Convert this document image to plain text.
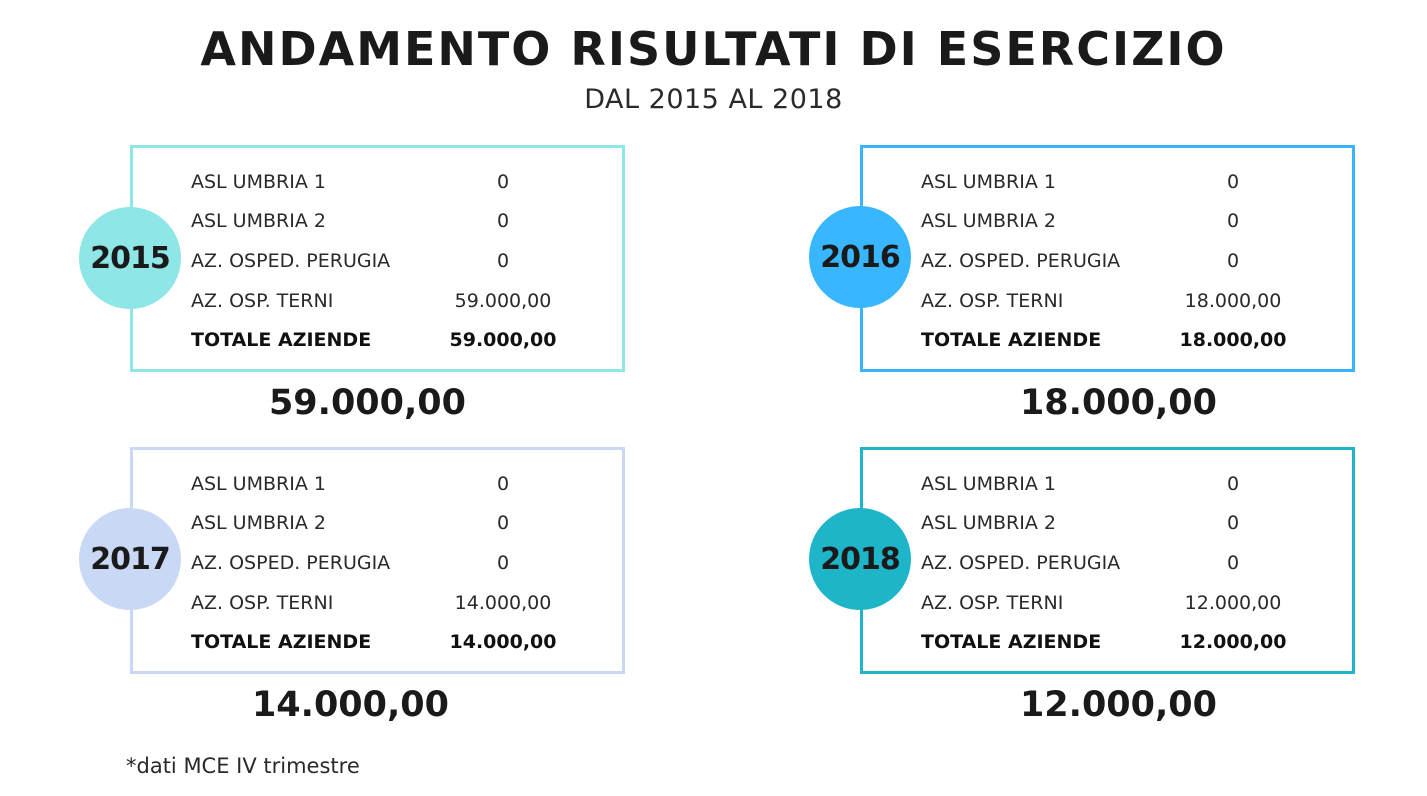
ANDAMENTO RISULTATI DI ESERCIZIO
DAL 2015 AL 2018
ASL UMBRIA 1	0
ASL UMBRIA 2	0
AZ. OSPED. PERUGIA	0
AZ. OSP. TERNI	59.000,00
TOTALE AZIENDE	59.000,00
2015
59.000,00
ASL UMBRIA 1	0
ASL UMBRIA 2	0
AZ. OSPED. PERUGIA	0
AZ. OSP. TERNI	18.000,00
TOTALE AZIENDE	18.000,00
2016
18.000,00
ASL UMBRIA 1	0
ASL UMBRIA 2	0
AZ. OSPED. PERUGIA	0
AZ. OSP. TERNI	14.000,00
TOTALE AZIENDE	14.000,00
2017
14.000,00
ASL UMBRIA 1	0
ASL UMBRIA 2	0
AZ. OSPED. PERUGIA	0
AZ. OSP. TERNI	12.000,00
TOTALE AZIENDE	12.000,00
2018
12.000,00
*dati MCE IV trimestre
